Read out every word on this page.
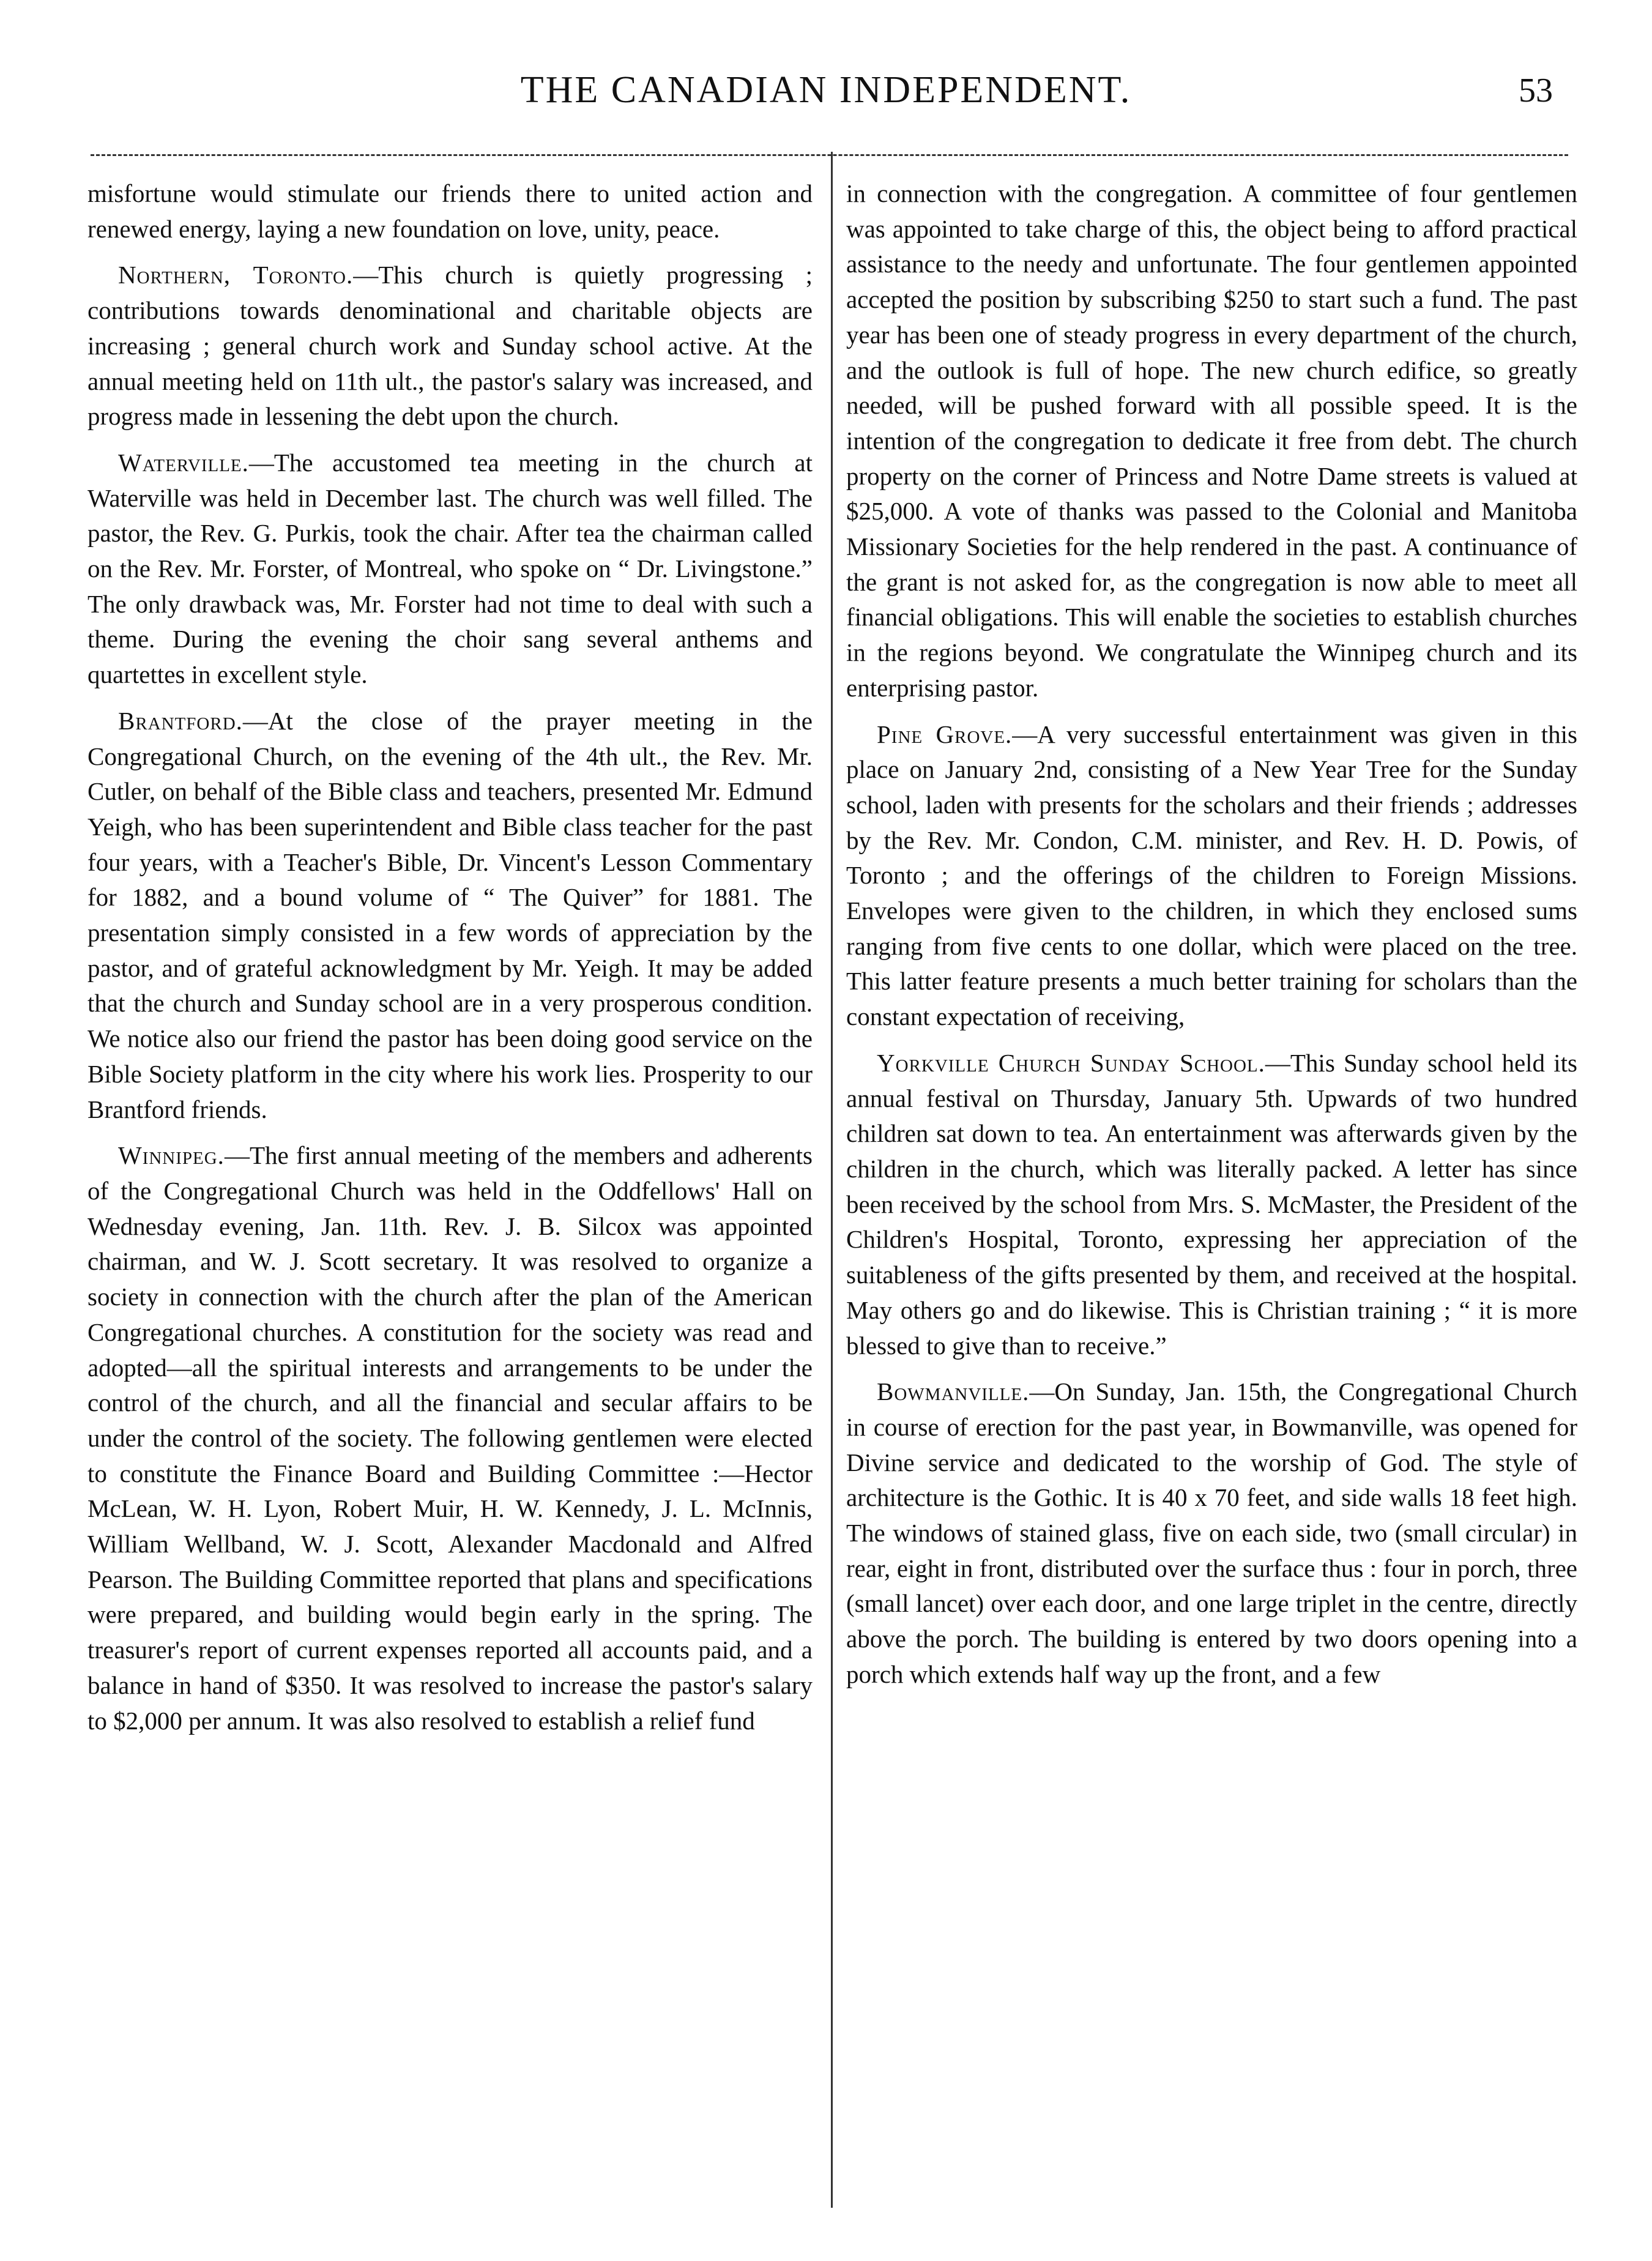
THE CANADIAN INDEPENDENT.	53

misfortune would stimulate our friends there to united action and renewed energy, laying a new foundation on love, unity, peace.

Northern, Toronto.—This church is quietly progressing ; contributions towards denominational and charitable objects are increasing ; general church work and Sunday school active. At the annual meeting held on 11th ult., the pastor's salary was increased, and progress made in lessening the debt upon the church.

Waterville.—The accustomed tea meeting in the church at Waterville was held in December last. The church was well filled. The pastor, the Rev. G. Purkis, took the chair. After tea the chairman called on the Rev. Mr. Forster, of Montreal, who spoke on “ Dr. Livingstone.” The only drawback was, Mr. Forster had not time to deal with such a theme. During the evening the choir sang several anthems and quartettes in excellent style.

Brantford.—At the close of the prayer meeting in the Congregational Church, on the evening of the 4th ult., the Rev. Mr. Cutler, on behalf of the Bible class and teachers, presented Mr. Edmund Yeigh, who has been superintendent and Bible class teacher for the past four years, with a Teacher's Bible, Dr. Vincent's Lesson Commentary for 1882, and a bound volume of “ The Quiver” for 1881. The presentation simply consisted in a few words of appreciation by the pastor, and of grateful acknowledgment by Mr. Yeigh. It may be added that the church and Sunday school are in a very prosperous condition. We notice also our friend the pastor has been doing good service on the Bible Society platform in the city where his work lies. Prosperity to our Brantford friends.

Winnipeg.—The first annual meeting of the members and adherents of the Congregational Church was held in the Oddfellows' Hall on Wednesday evening, Jan. 11th. Rev. J. B. Silcox was appointed chairman, and W. J. Scott secretary. It was resolved to organize a society in connection with the church after the plan of the American Congregational churches. A constitution for the society was read and adopted—all the spiritual interests and arrangements to be under the control of the church, and all the financial and secular affairs to be under the control of the society. The following gentlemen were elected to constitute the Finance Board and Building Committee :—Hector McLean, W. H. Lyon, Robert Muir, H. W. Kennedy, J. L. McInnis, William Wellband, W. J. Scott, Alexander Macdonald and Alfred Pearson. The Building Committee reported that plans and specifications were prepared, and building would begin early in the spring. The treasurer's report of current expenses reported all accounts paid, and a balance in hand of $350. It was resolved to increase the pastor's salary to $2,000 per annum. It was also resolved to establish a relief fund

in connection with the congregation. A committee of four gentlemen was appointed to take charge of this, the object being to afford practical assistance to the needy and unfortunate. The four gentlemen appointed accepted the position by subscribing $250 to start such a fund. The past year has been one of steady progress in every department of the church, and the outlook is full of hope. The new church edifice, so greatly needed, will be pushed forward with all possible speed. It is the intention of the congregation to dedicate it free from debt. The church property on the corner of Princess and Notre Dame streets is valued at $25,000. A vote of thanks was passed to the Colonial and Manitoba Missionary Societies for the help rendered in the past. A continuance of the grant is not asked for, as the congregation is now able to meet all financial obligations. This will enable the societies to establish churches in the regions beyond. We congratulate the Winnipeg church and its enterprising pastor.

Pine Grove.—A very successful entertainment was given in this place on January 2nd, consisting of a New Year Tree for the Sunday school, laden with presents for the scholars and their friends ; addresses by the Rev. Mr. Condon, C.M. minister, and Rev. H. D. Powis, of Toronto ; and the offerings of the children to Foreign Missions. Envelopes were given to the children, in which they enclosed sums ranging from five cents to one dollar, which were placed on the tree. This latter feature presents a much better training for scholars than the constant expectation of receiving,

Yorkville Church Sunday School.—This Sunday school held its annual festival on Thursday, January 5th. Upwards of two hundred children sat down to tea. An entertainment was afterwards given by the children in the church, which was literally packed. A letter has since been received by the school from Mrs. S. McMaster, the President of the Children's Hospital, Toronto, expressing her appreciation of the suitableness of the gifts presented by them, and received at the hospital. May others go and do likewise. This is Christian training ; “ it is more blessed to give than to receive.”

Bowmanville.—On Sunday, Jan. 15th, the Congregational Church in course of erection for the past year, in Bowmanville, was opened for Divine service and dedicated to the worship of God. The style of architecture is the Gothic. It is 40 x 70 feet, and side walls 18 feet high. The windows of stained glass, five on each side, two (small circular) in rear, eight in front, distributed over the surface thus : four in porch, three (small lancet) over each door, and one large triplet in the centre, directly above the porch. The building is entered by two doors opening into a porch which extends half way up the front, and a few
